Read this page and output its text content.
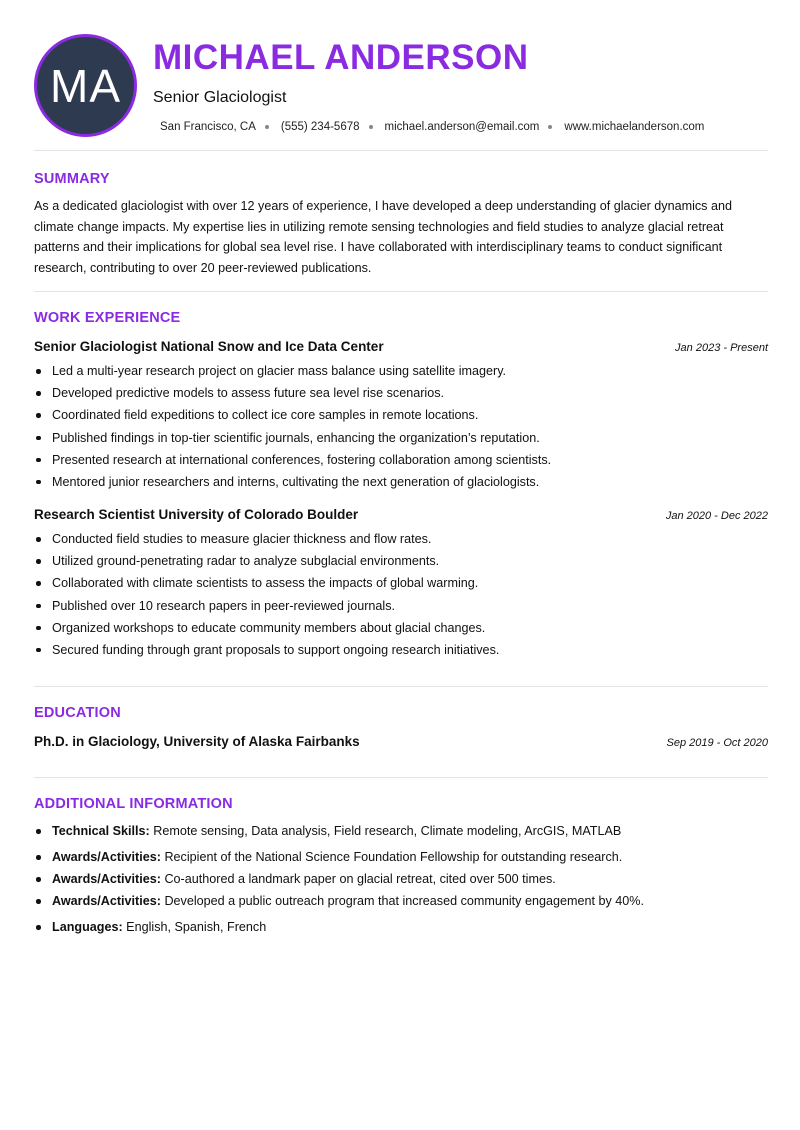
MA
MICHAEL ANDERSON
Senior Glaciologist
San Francisco, CA (555) 234-5678 michael.anderson@email.com www.michaelanderson.com
SUMMARY
As a dedicated glaciologist with over 12 years of experience, I have developed a deep understanding of glacier dynamics and climate change impacts. My expertise lies in utilizing remote sensing technologies and field studies to analyze glacial retreat patterns and their implications for global sea level rise. I have collaborated with interdisciplinary teams to conduct significant research, contributing to over 20 peer-reviewed publications.
WORK EXPERIENCE
Senior Glaciologist National Snow and Ice Data Center	Jan 2023 - Present
Led a multi-year research project on glacier mass balance using satellite imagery.
Developed predictive models to assess future sea level rise scenarios.
Coordinated field expeditions to collect ice core samples in remote locations.
Published findings in top-tier scientific journals, enhancing the organization’s reputation.
Presented research at international conferences, fostering collaboration among scientists.
Mentored junior researchers and interns, cultivating the next generation of glaciologists.
Research Scientist University of Colorado Boulder	Jan 2020 - Dec 2022
Conducted field studies to measure glacier thickness and flow rates.
Utilized ground-penetrating radar to analyze subglacial environments.
Collaborated with climate scientists to assess the impacts of global warming.
Published over 10 research papers in peer-reviewed journals.
Organized workshops to educate community members about glacial changes.
Secured funding through grant proposals to support ongoing research initiatives.
EDUCATION
Ph.D. in Glaciology, University of Alaska Fairbanks	Sep 2019 - Oct 2020
ADDITIONAL INFORMATION
Technical Skills: Remote sensing, Data analysis, Field research, Climate modeling, ArcGIS, MATLAB
Awards/Activities: Recipient of the National Science Foundation Fellowship for outstanding research.
Awards/Activities: Co-authored a landmark paper on glacial retreat, cited over 500 times.
Awards/Activities: Developed a public outreach program that increased community engagement by 40%.
Languages: English, Spanish, French
